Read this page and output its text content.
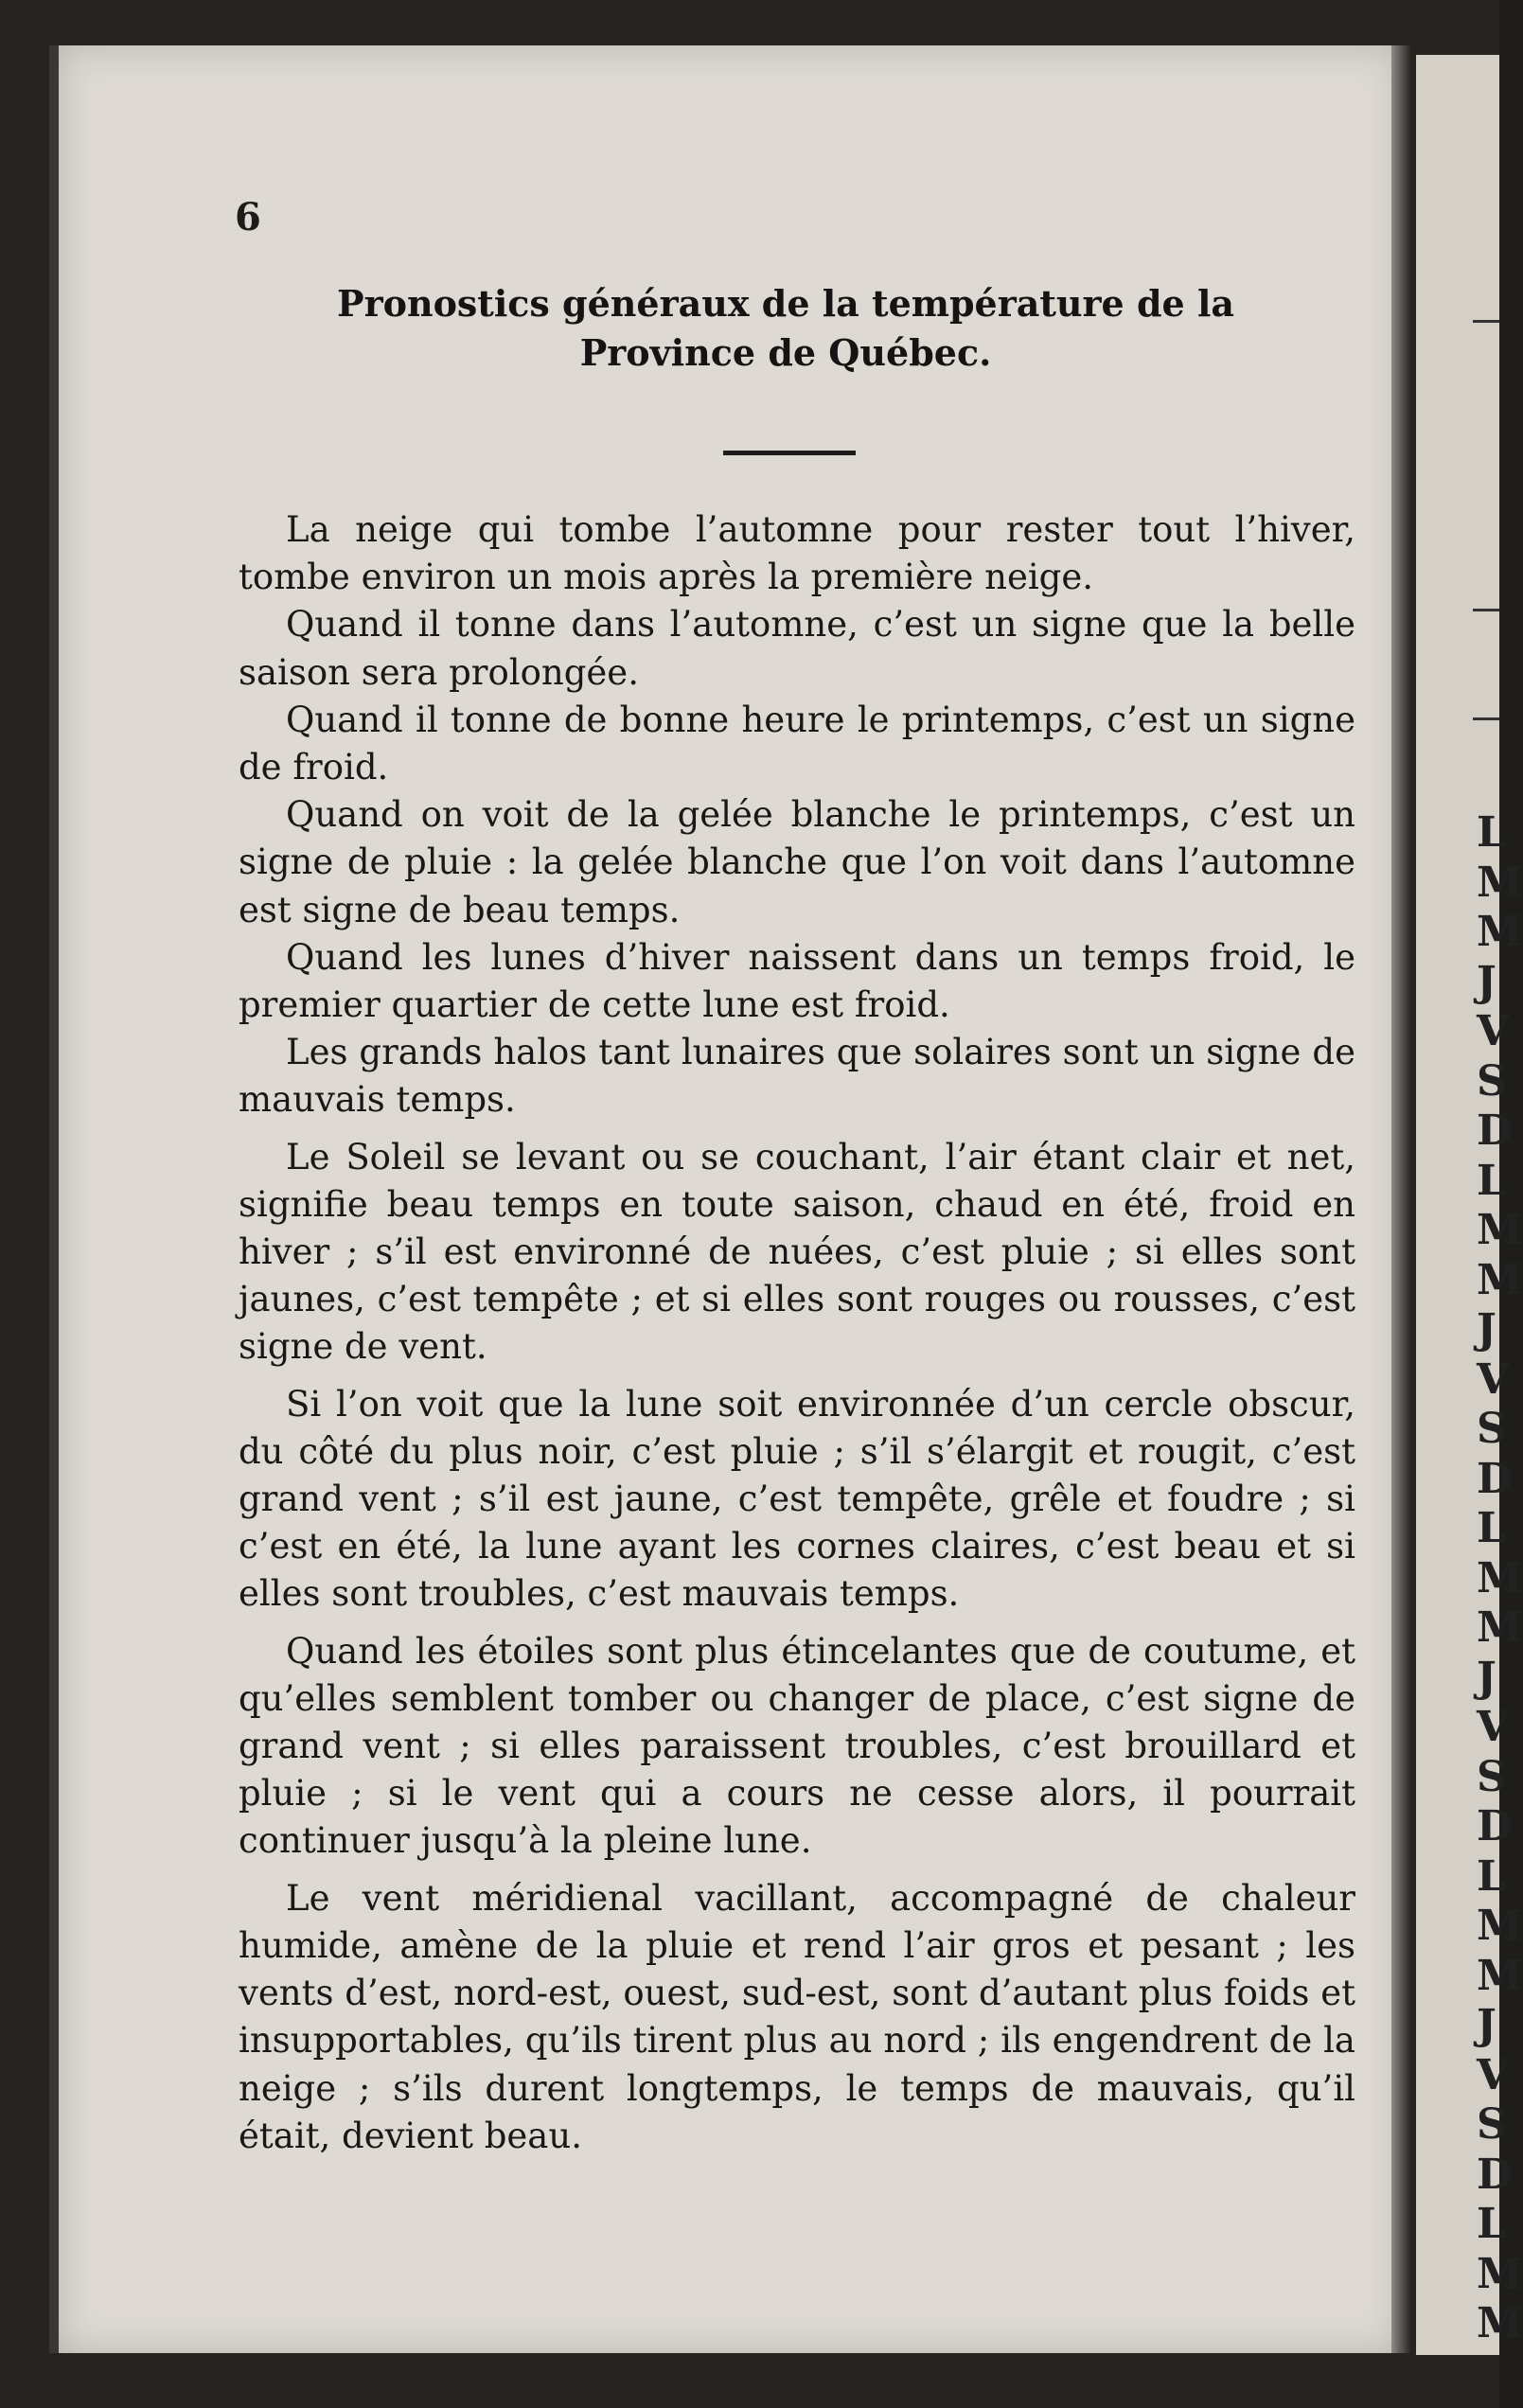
L
M
M
J
V
S
D
L
M
M
J
V
S
D
L
M
M
J
V
S
D
L
M
M
J
V
S
D
L
M
M
6
Pronostics généraux de la température de la Province de Québec.

La neige qui tombe l’automne pour rester tout l’hiver, tombe environ un mois après la première neige.

Quand il tonne dans l’automne, c’est un signe que la belle saison sera prolongée.

Quand il tonne de bonne heure le printemps, c’est un signe de froid.

Quand on voit de la gelée blanche le printemps, c’est un signe de pluie : la gelée blanche que l’on voit dans l’automne est signe de beau temps.

Quand les lunes d’hiver naissent dans un temps froid, le premier quartier de cette lune est froid.

Les grands halos tant lunaires que solaires sont un signe de mauvais temps.

Le Soleil se levant ou se couchant, l’air étant clair et net, signifie beau temps en toute saison, chaud en été, froid en hiver ; s’il est environné de nuées, c’est pluie ; si elles sont jaunes, c’est tempête ; et si elles sont rouges ou rousses, c’est signe de vent.

Si l’on voit que la lune soit environnée d’un cercle obscur, du côté du plus noir, c’est pluie ; s’il s’élargit et rougit, c’est grand vent ; s’il est jaune, c’est tempête, grêle et foudre ; si c’est en été, la lune ayant les cornes claires, c’est beau et si elles sont troubles, c’est mauvais temps.

Quand les étoiles sont plus étincelantes que de coutume, et qu’elles semblent tomber ou changer de place, c’est signe de grand vent ; si elles paraissent troubles, c’est brouillard et pluie ; si le vent qui a cours ne cesse alors, il pourrait continuer jusqu’à la pleine lune.

Le vent méridienal vacillant, accompagné de chaleur humide, amène de la pluie et rend l’air gros et pesant ; les vents d’est, nord-est, ouest, sud-est, sont d’autant plus foids et insupportables, qu’ils tirent plus au nord ; ils engendrent de la neige ; s’ils durent longtemps, le temps de mauvais, qu’il était, devient beau.
